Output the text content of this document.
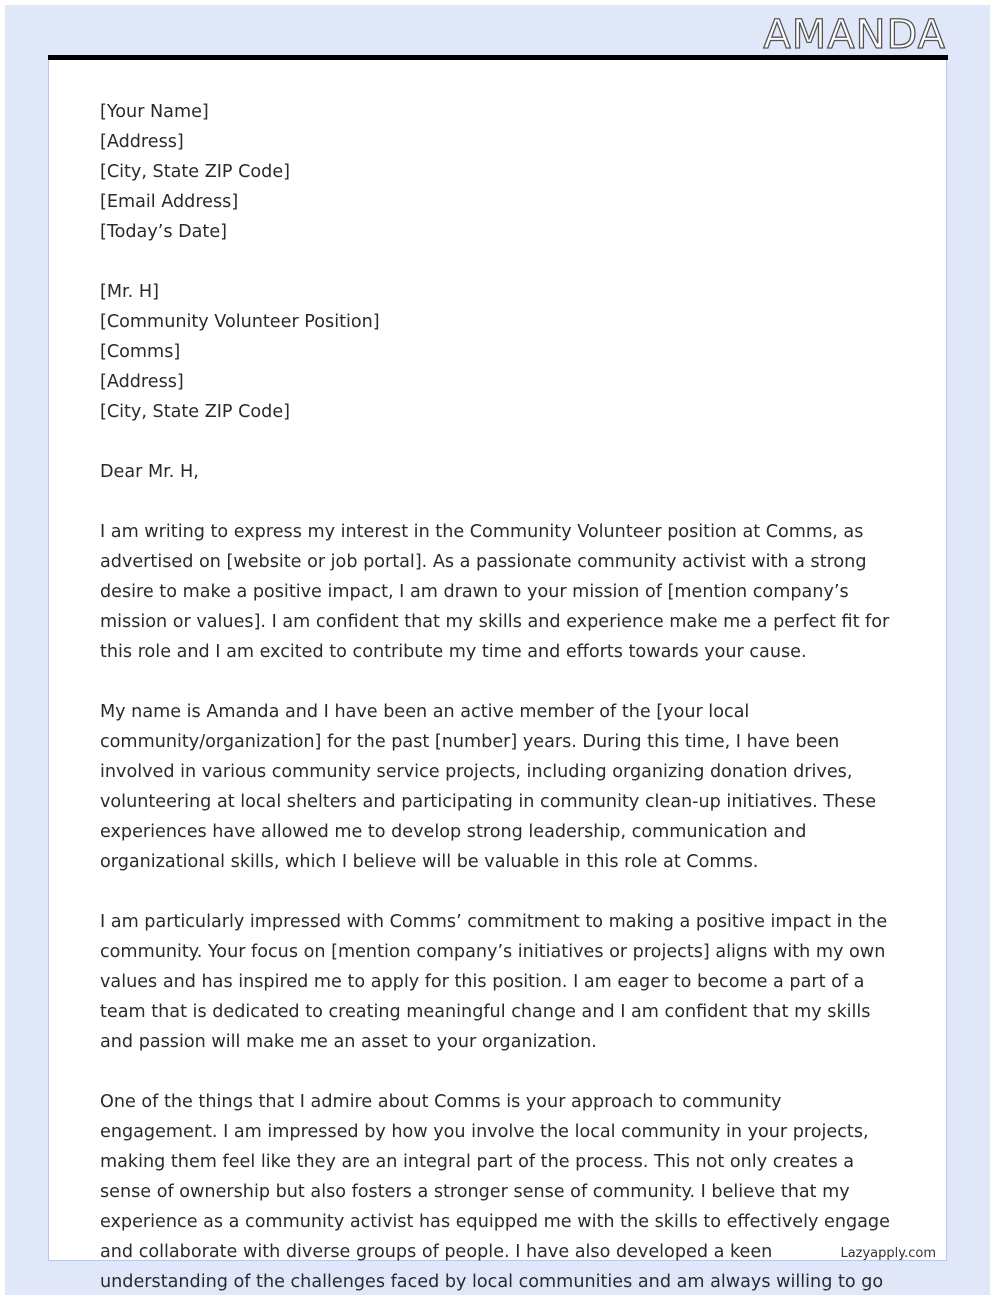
AMANDA
[Your Name]
[Address]
[City, State ZIP Code]
[Email Address]
[Today’s Date]
[Mr. H]
[Community Volunteer Position]
[Comms]
[Address]
[City, State ZIP Code]
Dear Mr. H,
I am writing to express my interest in the Community Volunteer position at Comms, as
advertised on [website or job portal]. As a passionate community activist with a strong
desire to make a positive impact, I am drawn to your mission of [mention company’s
mission or values]. I am confident that my skills and experience make me a perfect fit for
this role and I am excited to contribute my time and efforts towards your cause.
My name is Amanda and I have been an active member of the [your local
community/organization] for the past [number] years. During this time, I have been
involved in various community service projects, including organizing donation drives,
volunteering at local shelters and participating in community clean-up initiatives. These
experiences have allowed me to develop strong leadership, communication and
organizational skills, which I believe will be valuable in this role at Comms.
I am particularly impressed with Comms’ commitment to making a positive impact in the
community. Your focus on [mention company’s initiatives or projects] aligns with my own
values and has inspired me to apply for this position. I am eager to become a part of a
team that is dedicated to creating meaningful change and I am confident that my skills
and passion will make me an asset to your organization.
One of the things that I admire about Comms is your approach to community
engagement. I am impressed by how you involve the local community in your projects,
making them feel like they are an integral part of the process. This not only creates a
sense of ownership but also fosters a stronger sense of community. I believe that my
experience as a community activist has equipped me with the skills to effectively engage
and collaborate with diverse groups of people. I have also developed a keen
understanding of the challenges faced by local communities and am always willing to go
Lazyapply.com
